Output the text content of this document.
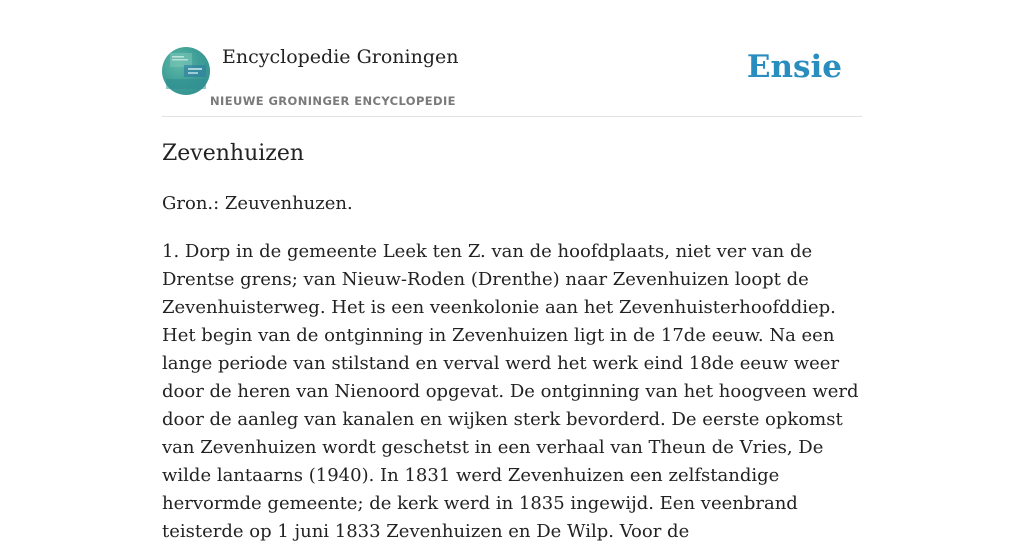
Encyclopedie Groningen
NIEUWE GRONINGER ENCYCLOPEDIE
Ensie
Zevenhuizen

Gron.: Zeuvenhuzen.

1. Dorp in de gemeente Leek ten Z. van de hoofdplaats, niet ver van de Drentse grens; van Nieuw-Roden (Drenthe) naar Zevenhuizen loopt de Zevenhuisterweg. Het is een veenkolonie aan het Zevenhuisterhoofddiep. Het begin van de ontginning in Zevenhuizen ligt in de 17de eeuw. Na een lange periode van stilstand en verval werd het werk eind 18de eeuw weer door de heren van Nienoord opgevat. De ontginning van het hoogveen werd door de aanleg van kanalen en wijken sterk bevorderd. De eerste opkomst van Zevenhuizen wordt geschetst in een verhaal van Theun de Vries, De wilde lantaarns (1940). In 1831 werd Zevenhuizen een zelfstandige hervormde gemeente; de kerk werd in 1835 ingewijd. Een veenbrand teisterde op 1 juni 1833 Zevenhuizen en De Wilp. Voor de
